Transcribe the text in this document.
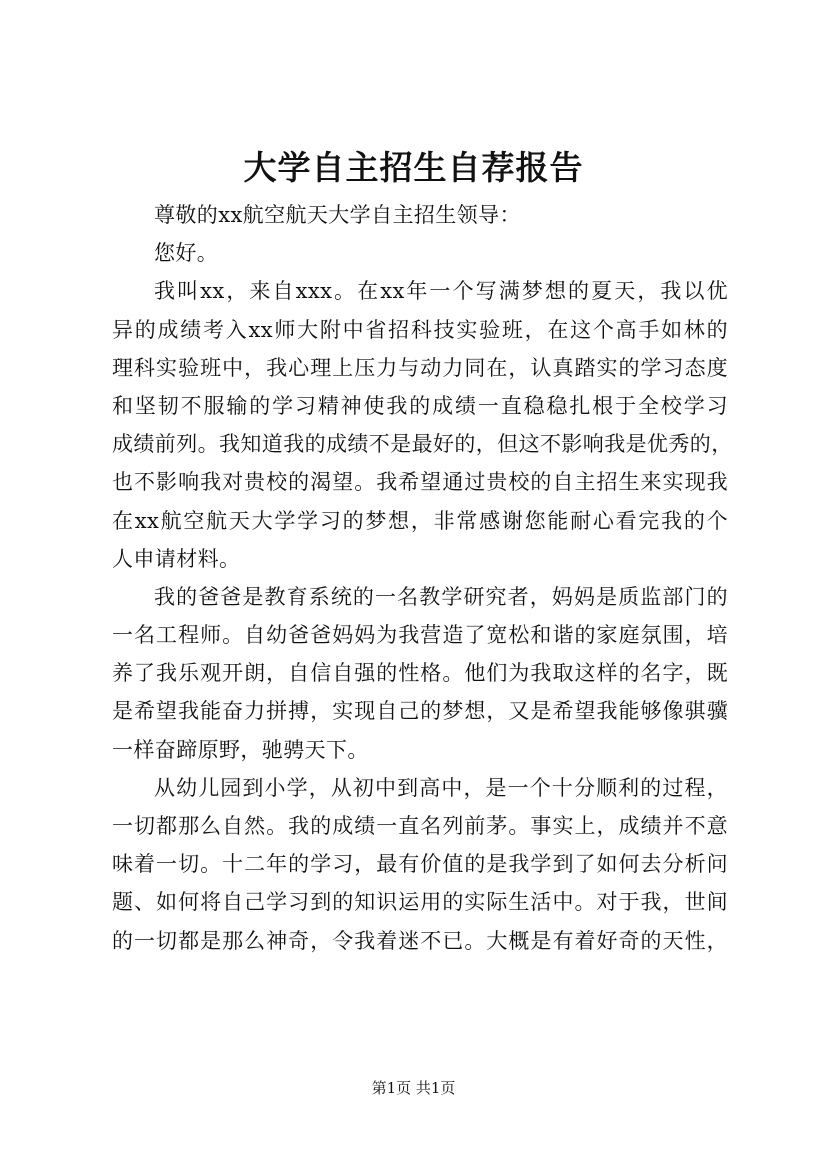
大学自主招生自荐报告
尊敬的xx航空航天大学自主招生领导：
您好。
我叫xx，来自xxx。在xx年一个写满梦想的夏天，我以优
异的成绩考入xx师大附中省招科技实验班，在这个高手如林的
理科实验班中，我心理上压力与动力同在，认真踏实的学习态度
和坚韧不服输的学习精神使我的成绩一直稳稳扎根于全校学习
成绩前列。我知道我的成绩不是最好的，但这不影响我是优秀的，
也不影响我对贵校的渴望。我希望通过贵校的自主招生来实现我
在xx航空航天大学学习的梦想，非常感谢您能耐心看完我的个
人申请材料。
我的爸爸是教育系统的一名教学研究者，妈妈是质监部门的
一名工程师。自幼爸爸妈妈为我营造了宽松和谐的家庭氛围，培
养了我乐观开朗，自信自强的性格。他们为我取这样的名字，既
是希望我能奋力拼搏，实现自己的梦想，又是希望我能够像骐骥
一样奋蹄原野，驰骋天下。
从幼儿园到小学，从初中到高中，是一个十分顺利的过程，
一切都那么自然。我的成绩一直名列前茅。事实上，成绩并不意
味着一切。十二年的学习，最有价值的是我学到了如何去分析问
题、如何将自己学习到的知识运用的实际生活中。对于我，世间
的一切都是那么神奇，令我着迷不已。大概是有着好奇的天性，
第1页 共1页
